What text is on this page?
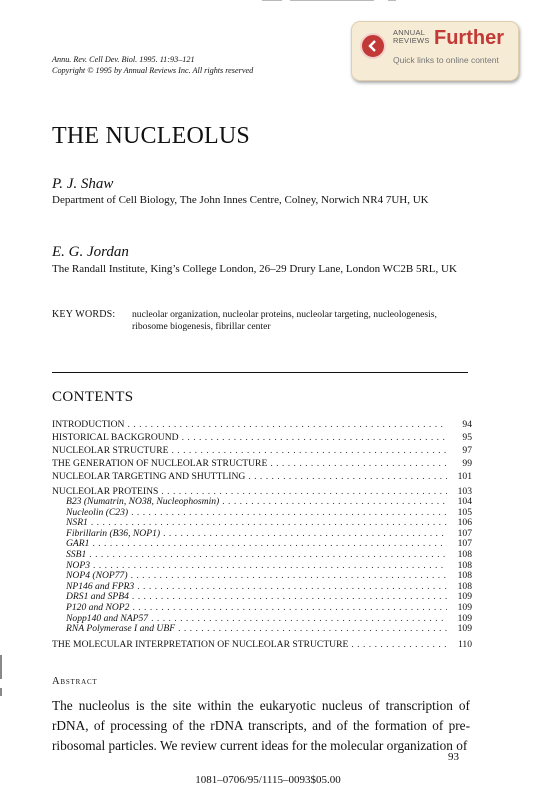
Annu. Rev. Cell Dev. Biol. 1995. 11:93–121
Copyright © 1995 by Annual Reviews Inc. All rights reserved
ANNUAL
REVIEWS Further
Quick links to online content
THE NUCLEOLUS
P. J. Shaw
Department of Cell Biology, The John Innes Centre, Colney, Norwich NR4 7UH, UK
E. G. Jordan
The Randall Institute, King’s College London, 26–29 Drury Lane, London WC2B 5RL, UK
KEY WORDS: nucleolar organization, nucleolar proteins, nucleolar targeting, nucleologenesis, ribosome biogenesis, fibrillar center
CONTENTS
INTRODUCTION . . .	94
HISTORICAL BACKGROUND . . .	95
NUCLEOLAR STRUCTURE . . .	97
THE GENERATION OF NUCLEOLAR STRUCTURE . . .	99
NUCLEOLAR TARGETING AND SHUTTLING . . .	101
NUCLEOLAR PROTEINS . . .	103
B23 (Numatrin, NO38, Nucleophosmin) . . .	104
Nucleolin (C23) . . .	105
NSR1 . . .	106
Fibrillarin (B36, NOP1) . . .	107
GAR1 . . .	107
SSB1 . . .	108
NOP3 . . .	108
NOP4 (NOP77) . . .	108
NP146 and FPR3 . . .	108
DRS1 and SPB4 . . .	109
P120 and NOP2 . . .	109
Nopp140 and NAP57 . . .	109
RNA Polymerase I and UBF . . .	109
THE MOLECULAR INTERPRETATION OF NUCLEOLAR STRUCTURE . . .	110
Abstract
The nucleolus is the site within the eukaryotic nucleus of transcription of rDNA, of processing of the rDNA transcripts, and of the formation of pre-ribosomal particles. We review current ideas for the molecular organization of
93
1081–0706/95/1115–0093$05.00
